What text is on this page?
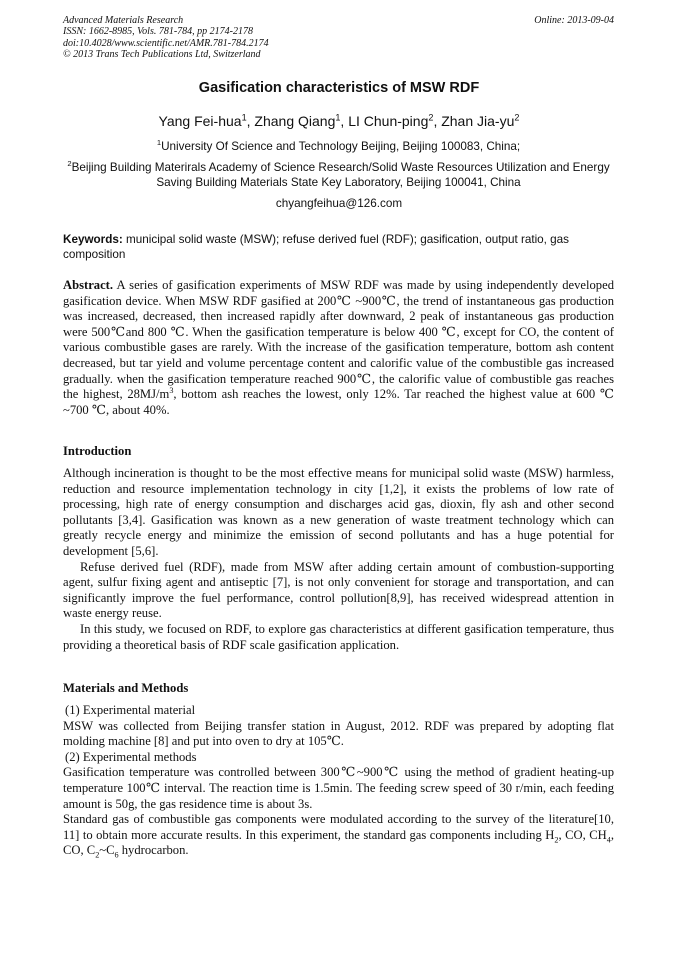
Advanced Materials Research
ISSN: 1662-8985, Vols. 781-784, pp 2174-2178
doi:10.4028/www.scientific.net/AMR.781-784.2174
© 2013 Trans Tech Publications Ltd, Switzerland
Online: 2013-09-04
Gasification characteristics of MSW RDF
Yang Fei-hua$^1$, Zhang Qiang$^1$, LI Chun-ping$^2$, Zhan Jia-$yu^2$
$^1$University Of Science and Technology Beijing, Beijing 100083, China;
$^2$Beijing Building Materirals Academy of Science Research/Solid Waste Resources Utilization and Energy Saving Building Materials State Key Laboratory, Beijing 100041, China
chyangfeihua@126.com
Keywords: municipal solid waste (MSW); refuse derived fuel (RDF); gasification, output ratio, gas composition
Abstract. A series of gasification experiments of MSW RDF was made by using independently developed gasification device. When MSW RDF gasified at 200℃ ~900℃, the trend of instantaneous gas production was increased, decreased, then increased rapidly after downward, 2 peak of instantaneous gas production were 500℃and 800 ℃. When the gasification temperature is below 400 ℃, except for CO, the content of various combustible gases are rarely. With the increase of the gasification temperature, bottom ash content decreased, but tar yield and volume percentage content and calorific value of the combustible gas increased gradually. when the gasification temperature reached 900℃, the calorific value of combustible gas reaches the highest, $28MJ/m^3$, bottom ash reaches the lowest, only 12%. Tar reached the highest value at 600 ℃ ~700 ℃, about 40%.
Introduction

Although incineration is thought to be the most effective means for municipal solid waste (MSW) harmless, reduction and resource implementation technology in city [1,2], it exists the problems of low rate of processing, high rate of energy consumption and discharges acid gas, dioxin, fly ash and other second pollutants [3,4]. Gasification was known as a new generation of waste treatment technology which can greatly recycle energy and minimize the emission of second pollutants and has a huge potential for development [5,6].

Refuse derived fuel (RDF), made from MSW after adding certain amount of combustion-supporting agent, sulfur fixing agent and antiseptic [7], is not only convenient for storage and transportation, and can significantly improve the fuel performance, control pollution[8,9], has received widespread attention in waste energy reuse.

In this study, we focused on RDF, to explore gas characteristics at different gasification temperature, thus providing a theoretical basis of RDF scale gasification application.

Materials and Methods

(1) Experimental material

MSW was collected from Beijing transfer station in August, 2012. RDF was prepared by adopting flat molding machine [8] and put into oven to dry at 105℃.

(2) Experimental methods

Gasification temperature was controlled between 300℃~900℃ using the method of gradient heating-up temperature 100℃ interval. The reaction time is 1.5min. The feeding screw speed of 30 r/min, each feeding amount is 50g, the gas residence time is about 3s.

Standard gas of combustible gas components were modulated according to the survey of the literature[10, 11] to obtain more accurate results. In this experiment, the standard gas components including $H_2$, CO, $CH_4$, CO, $C_2\sim C_6$ hydrocarbon.
